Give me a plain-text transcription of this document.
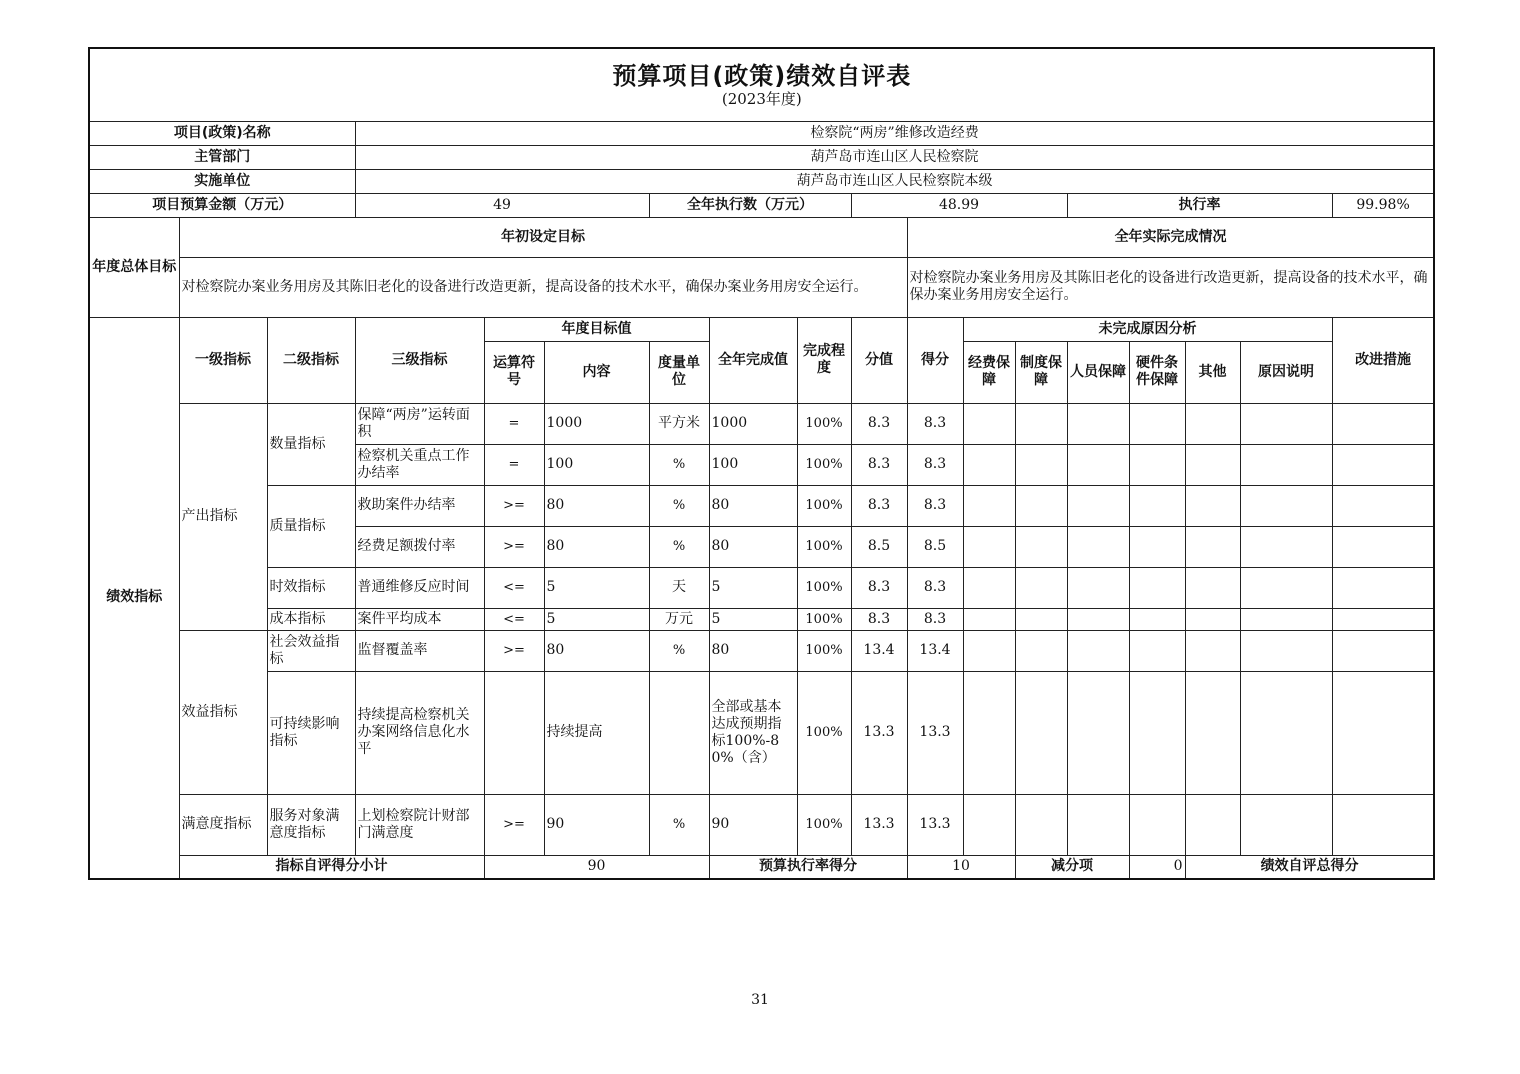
预算项目(政策)绩效自评表
(2023年度)																		

项目(政策)名称			检察院“两房”维修改造经费															
主管部门			葫芦岛市连山区人民检察院															
实施单位			葫芦岛市连山区人民检察院本级															
项目预算金额（万元）			49			全年执行数（万元）			48.99				执行率				99.98%	
年度总体目标	年初设定目标									全年实际完成情况								
	对检察院办案业务用房及其陈旧老化的设备进行改造更新，提高设备的技术水平，确保办案业务用房安全运行。									对检察院办案业务用房及其陈旧老化的设备进行改造更新，提高设备的技术水平，确保办案业务用房安全运行。								
绩效指标	一级指标	二级指标	三级指标	年度目标值			全年完成值	完成程度	分值	得分	未完成原因分析						改进措施	
				运算符号	内容	度量单位					经费保障	制度保障	人员保障	硬件条件保障	其他	原因说明		
	产出指标	数量指标	保障“两房”运转面积	=	1000	平方米	1000	100%	8.3	8.3								
			检察机关重点工作办结率	=	100	%	100	100%	8.3	8.3								
		质量指标	救助案件办结率	>=	80	%	80	100%	8.3	8.3								
			经费足额拨付率	>=	80	%	80	100%	8.5	8.5								
		时效指标	普通维修反应时间	<=	5	天	5	100%	8.3	8.3								
		成本指标	案件平均成本	<=	5	万元	5	100%	8.3	8.3								
	效益指标	社会效益指标	监督覆盖率	>=	80	%	80	100%	13.4	13.4								
		可持续影响指标	持续提高检察机关办案网络信息化水平		持续提高		全部或基本达成预期指标100%-80%（含）	100%	13.3	13.3								
	满意度指标	服务对象满意度指标	上划检察院计财部门满意度	>=	90	%	90	100%	13.3	13.3								
	指标自评得分小计			90			预算执行率得分			10		减分项		0	绩效自评总得分	
31
